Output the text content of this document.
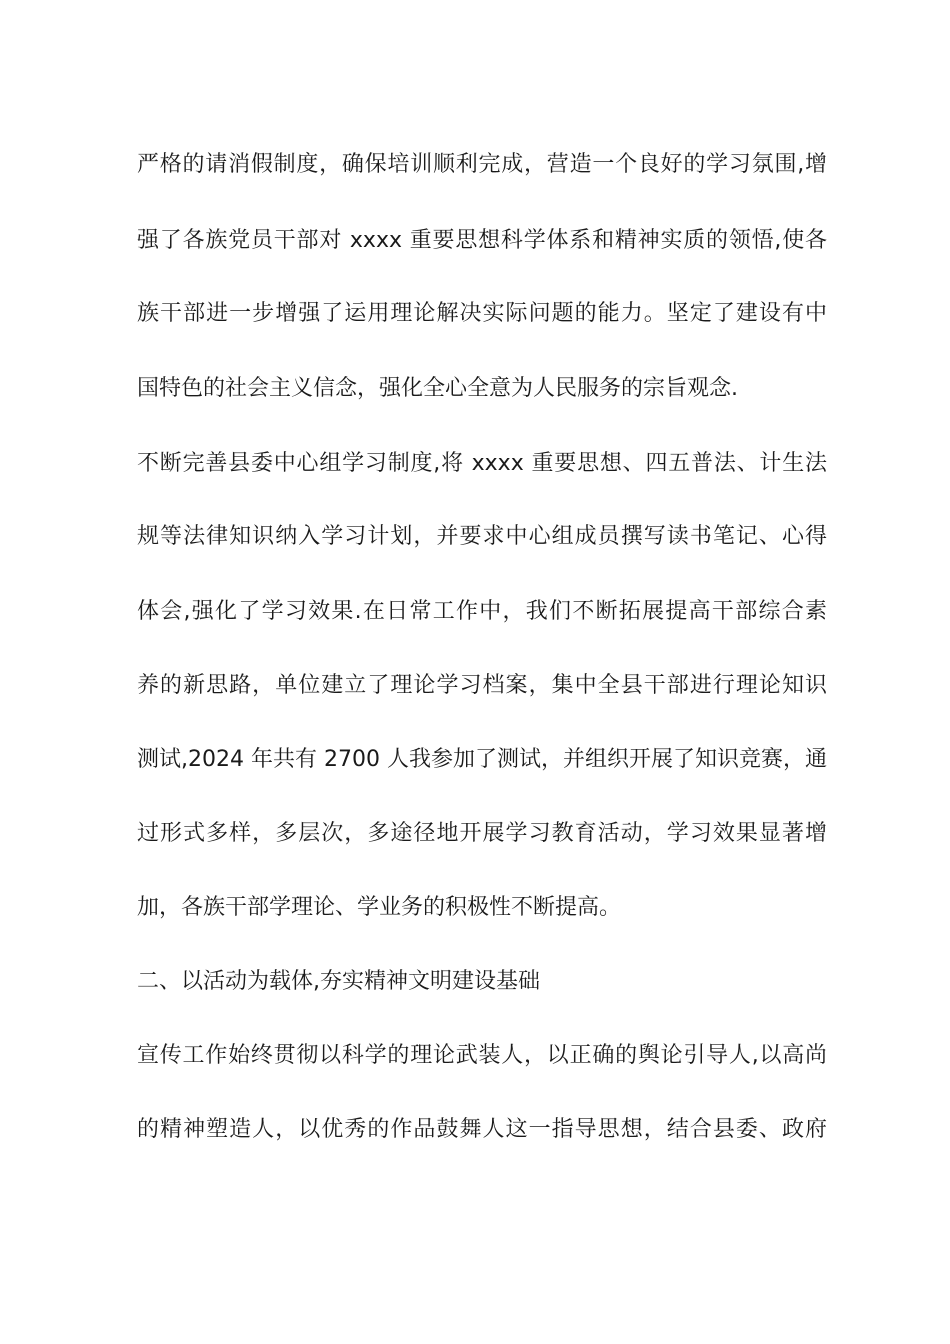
严格的请消假制度，确保培训顺利完成，营造一个良好的学习氛围,增
强了各族党员干部对 xxxx 重要思想科学体系和精神实质的领悟,使各
族干部进一步增强了运用理论解决实际问题的能力。坚定了建设有中
国特色的社会主义信念，强化全心全意为人民服务的宗旨观念.
不断完善县委中心组学习制度,将 xxxx 重要思想、四五普法、计生法
规等法律知识纳入学习计划，并要求中心组成员撰写读书笔记、心得
体会,强化了学习效果.在日常工作中，我们不断拓展提高干部综合素
养的新思路，单位建立了理论学习档案，集中全县干部进行理论知识
测试,2024 年共有 2700 人我参加了测试，并组织开展了知识竞赛，通
过形式多样，多层次，多途径地开展学习教育活动，学习效果显著增
加，各族干部学理论、学业务的积极性不断提高。
二、以活动为载体,夯实精神文明建设基础
宣传工作始终贯彻以科学的理论武装人，以正确的舆论引导人,以高尚
的精神塑造人，以优秀的作品鼓舞人这一指导思想，结合县委、政府
